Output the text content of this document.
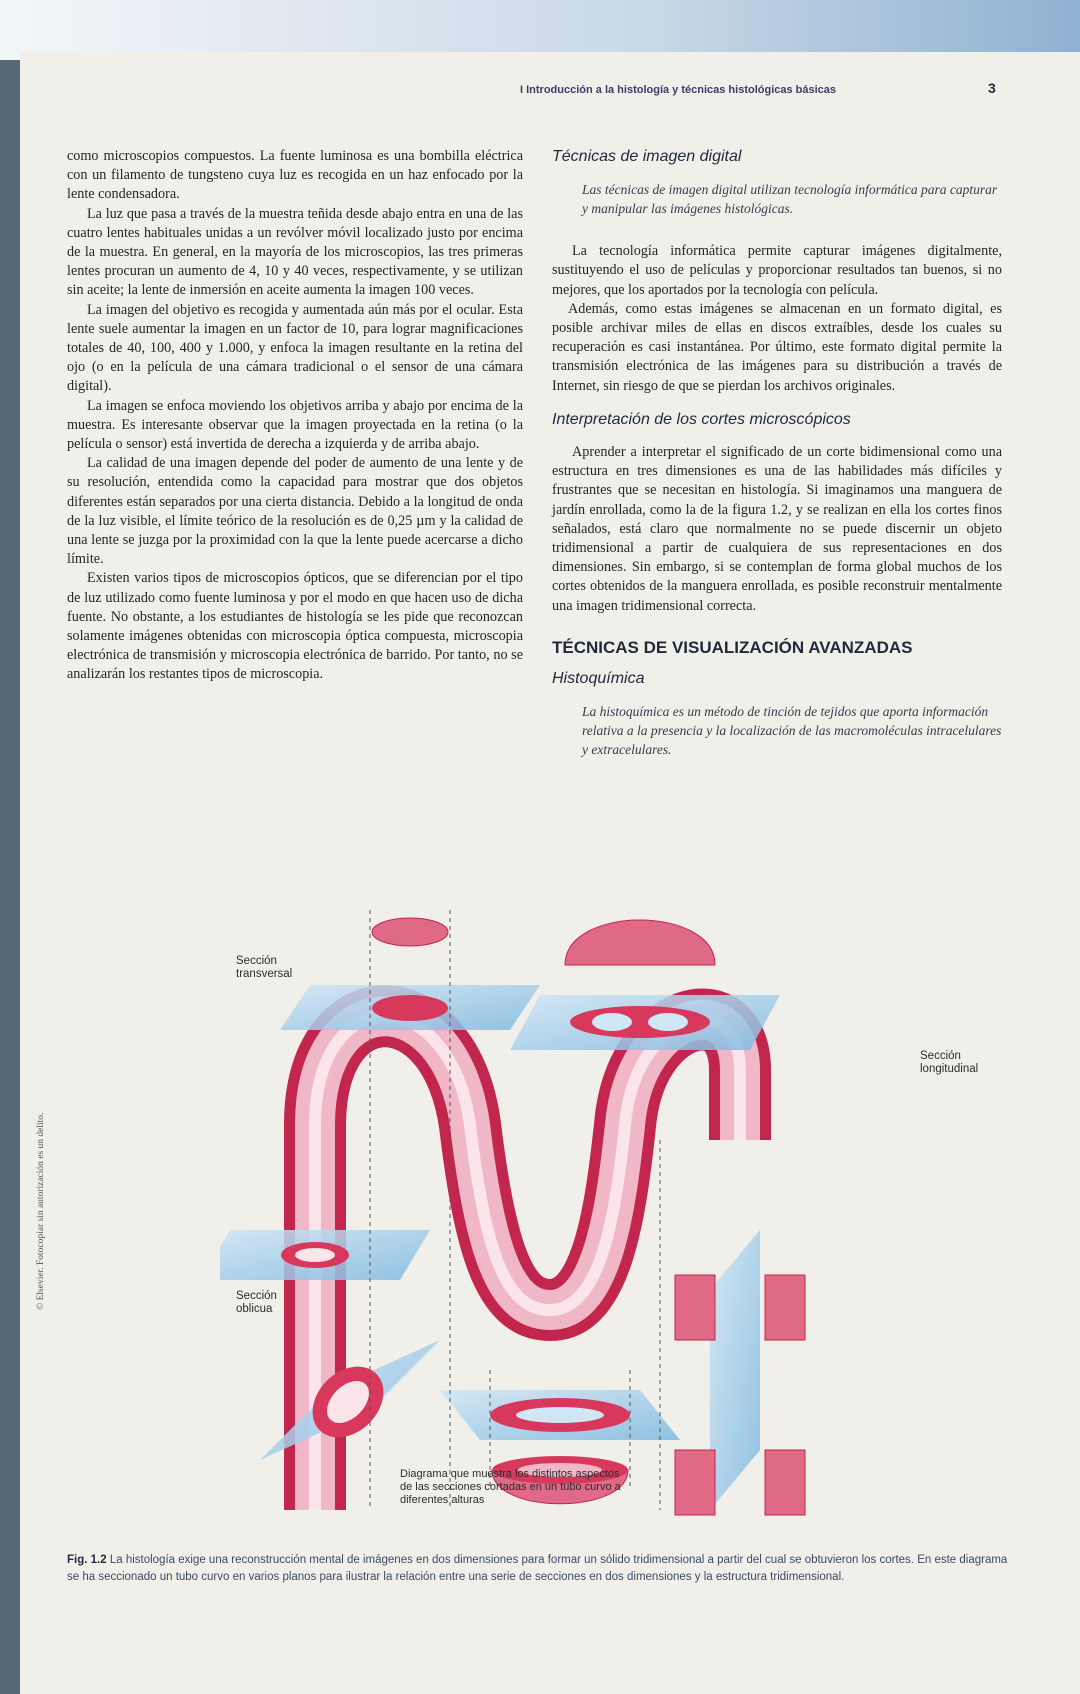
I Introducción a la histología y técnicas histológicas básicas	3
© Elsevier. Fotocopiar sin autorización es un delito.

como microscopios compuestos. La fuente luminosa es una bombilla eléctrica con un filamento de tungsteno cuya luz es recogida en un haz enfocado por la lente condensadora.

La luz que pasa a través de la muestra teñida desde abajo entra en una de las cuatro lentes habituales unidas a un revólver móvil localizado justo por encima de la muestra. En general, en la mayoría de los microscopios, las tres primeras lentes procuran un aumento de 4, 10 y 40 veces, respectivamente, y se utilizan sin aceite; la lente de inmersión en aceite aumenta la imagen 100 veces.

La imagen del objetivo es recogida y aumentada aún más por el ocular. Esta lente suele aumentar la imagen en un factor de 10, para lograr magnificaciones totales de 40, 100, 400 y 1.000, y enfoca la imagen resultante en la retina del ojo (o en la película de una cámara tradicional o el sensor de una cámara digital).

La imagen se enfoca moviendo los objetivos arriba y abajo por encima de la muestra. Es interesante observar que la imagen proyectada en la retina (o la película o sensor) está invertida de derecha a izquierda y de arriba abajo.

La calidad de una imagen depende del poder de aumento de una lente y de su resolución, entendida como la capacidad para mostrar que dos objetos diferentes están separados por una cierta distancia. Debido a la longitud de onda de la luz visible, el límite teórico de la resolución es de 0,25 µm y la calidad de una lente se juzga por la proximidad con la que la lente puede acercarse a dicho límite.

Existen varios tipos de microscopios ópticos, que se diferencian por el tipo de luz utilizado como fuente luminosa y por el modo en que hacen uso de dicha fuente. No obstante, a los estudiantes de histología se les pide que reconozcan solamente imágenes obtenidas con microscopia óptica compuesta, microscopia electrónica de transmisión y microscopia electrónica de barrido. Por tanto, no se analizarán los restantes tipos de microscopia.

Técnicas de imagen digital
Las técnicas de imagen digital utilizan tecnología informática para capturar y manipular las imágenes histológicas.

La tecnología informática permite capturar imágenes digitalmente, sustituyendo el uso de películas y proporcionar resultados tan buenos, si no mejores, que los aportados por la tecnología con película.

Además, como estas imágenes se almacenan en un formato digital, es posible archivar miles de ellas en discos extraíbles, desde los cuales su recuperación es casi instantánea. Por último, este formato digital permite la transmisión electrónica de las imágenes para su distribución a través de Internet, sin riesgo de que se pierdan los archivos originales.

Interpretación de los cortes microscópicos

Aprender a interpretar el significado de un corte bidimensional como una estructura en tres dimensiones es una de las habilidades más difíciles y frustrantes que se necesitan en histología. Si imaginamos una manguera de jardín enrollada, como la de la figura 1.2, y se realizan en ella los cortes finos señalados, está claro que normalmente no se puede discernir un objeto tridimensional a partir de cualquiera de sus representaciones en dos dimensiones. Sin embargo, si se contemplan de forma global muchos de los cortes obtenidos de la manguera enrollada, es posible reconstruir mentalmente una imagen tridimensional correcta.

TÉCNICAS DE VISUALIZACIÓN AVANZADAS
Histoquímica
La histoquímica es un método de tinción de tejidos que aporta información relativa a la presencia y la localización de las macromoléculas intracelulares y extracelulares.
Sección transversal
Sección longitudinal
Sección oblicua
Diagrama que muestra los distintos aspectos de las secciones cortadas en un tubo curvo a diferentes alturas
Fig. 1.2 La histología exige una reconstrucción mental de imágenes en dos dimensiones para formar un sólido tridimensional a partir del cual se obtuvieron los cortes. En este diagrama se ha seccionado un tubo curvo en varios planos para ilustrar la relación entre una serie de secciones en dos dimensiones y la estructura tridimensional.
